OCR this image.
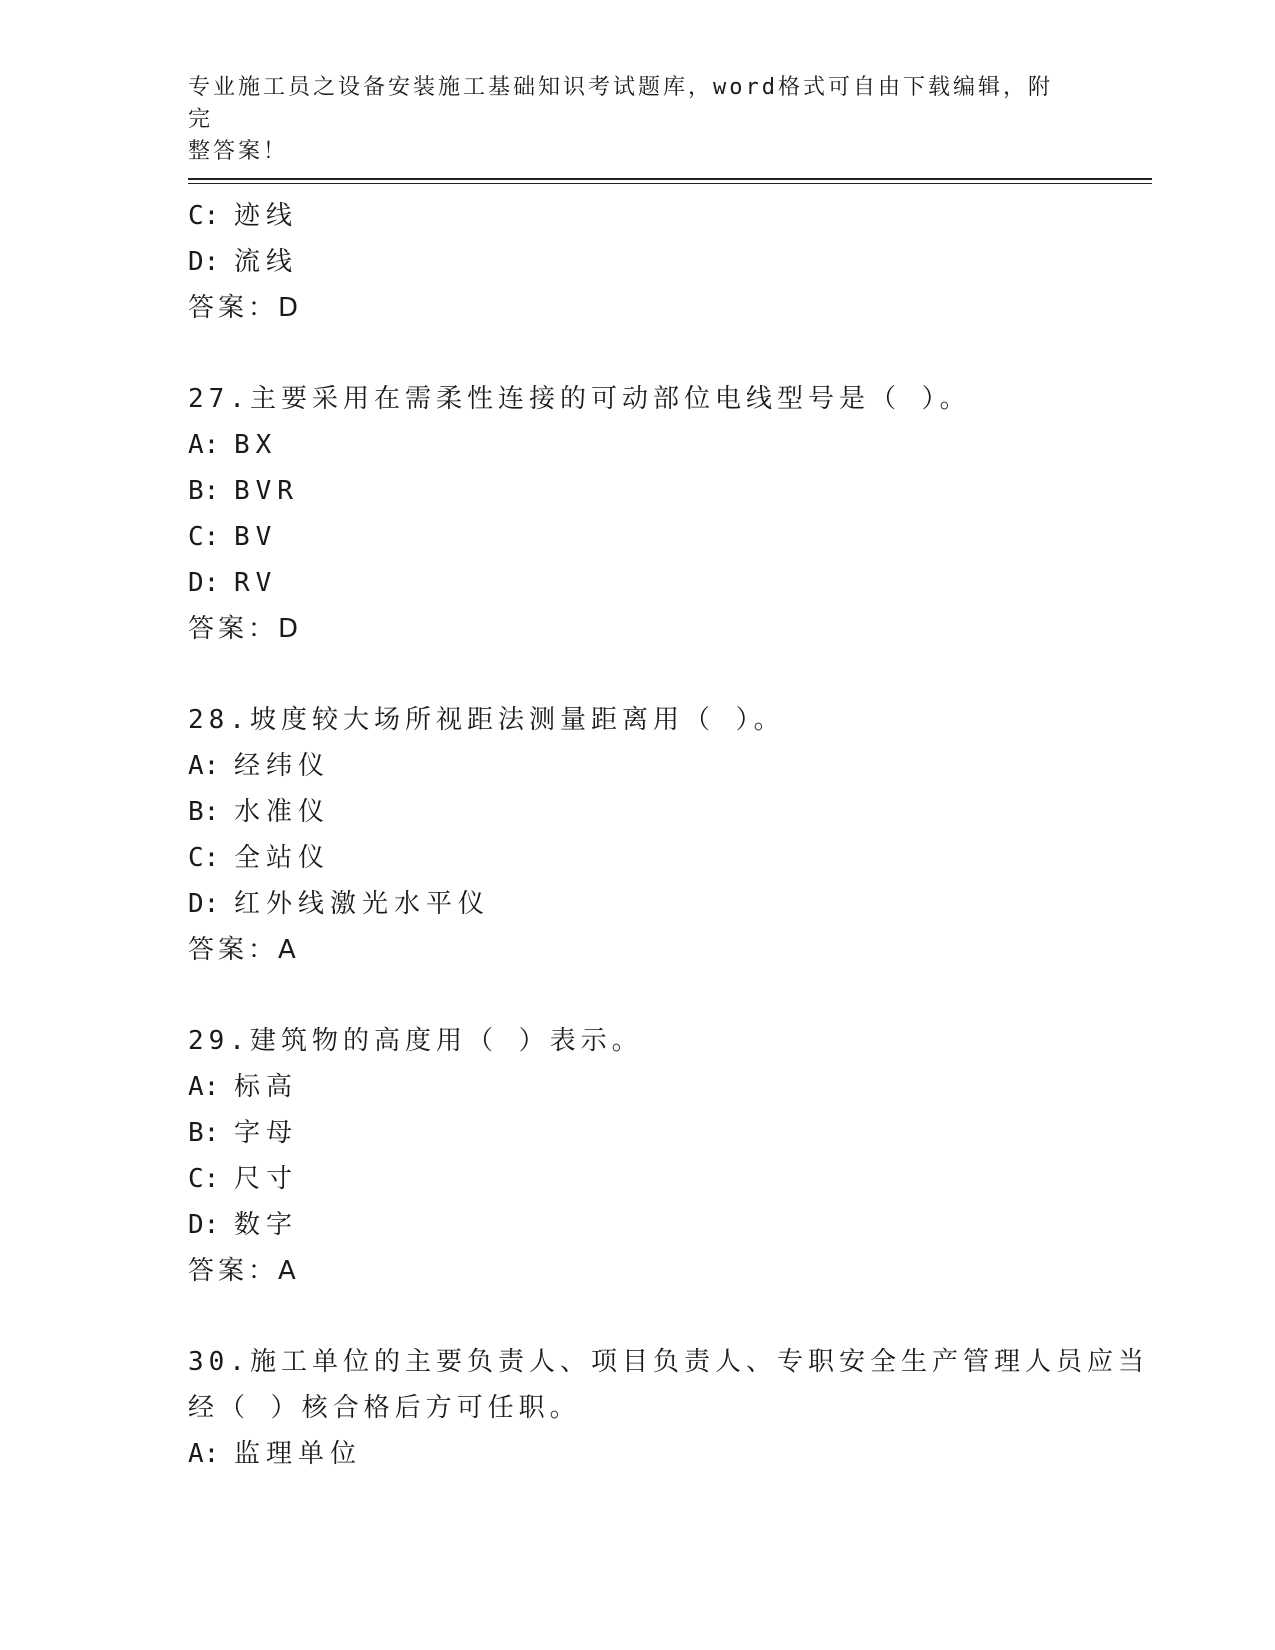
专业施工员之设备安装施工基础知识考试题库，word格式可自由下载编辑，附完
整答案！
C: 迹线
D: 流线
答案：D
27.主要采用在需柔性连接的可动部位电线型号是（ ）。
A: BX
B: BVR
C: BV
D: RV
答案：D
28.坡度较大场所视距法测量距离用（ ）。
A: 经纬仪
B: 水准仪
C: 全站仪
D: 红外线激光水平仪
答案：A
29.建筑物的高度用（ ）表示。
A: 标高
B: 字母
C: 尺寸
D: 数字
答案：A
30.施工单位的主要负责人、项目负责人、专职安全生产管理人员应当
经（ ）核合格后方可任职。
A: 监理单位
